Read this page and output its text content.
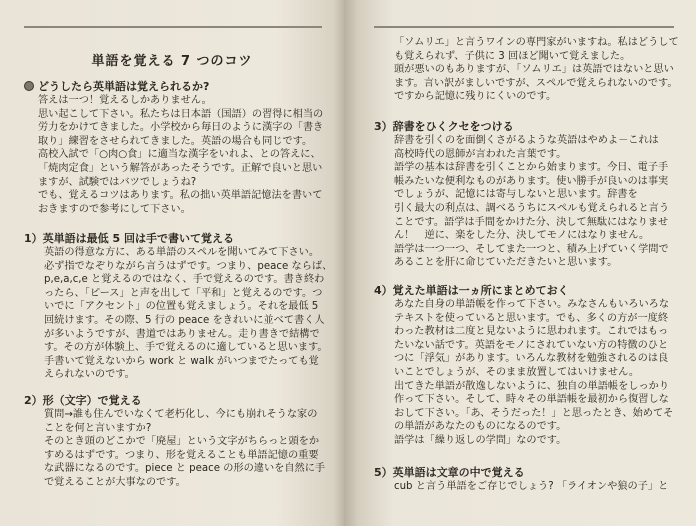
単語を覚える 7 つのコツ
どうしたら英単語は覚えられるか?

答えは一つ！覚えるしかありません。

思い起こして下さい。私たちは日本語（国語）の習得に相当の

労力をかけてきました。小学校から毎日のように漢字の「書き

取り」練習をさせられてきました。英語の場合も同じです。

高校入試で「○肉○食」に適当な漢字をいれよ、との答えに、

「焼肉定食」という解答があったそうです。正解で良いと思い

ますが、試験ではバツでしょうね?

でも、覚えるコツはあります。私の拙い英単語記憶法を書いて

おきますので参考にして下さい。

1）英単語は最低 5 回は手で書いて覚える

英語の得意な方に、ある単語のスペルを聞いてみて下さい。

必ず指でなぞりながら言うはずです。つまり、peace ならば、

p,e,a,c,e と覚えるのではなく、手で覚えるのです。書き終わ

ったら、「ピース」と声を出して「平和」と覚えるのです。つ

いでに「アクセント」の位置も覚えましょう。それを最低 5

回続けます。その際、5 行の peace をきれいに並べて書く人

が多いようですが、書道ではありません。走り書きで結構で

す。その方が体験上、手で覚えるのに適していると思います。

手書いて覚えないから work と walk がいつまでたっても覚

えられないのです。

2）形（文字）で覚える

質問→誰も住んでいなくて老朽化し、今にも崩れそうな家の

ことを何と言いますか?

そのとき頭のどこかで「廃屋」という文字がちらっと頭をか

すめるはずです。つまり、形を覚えることも単語記憶の重要

な武器になるのです。piece と peace の形の違いを自然に手

で覚えることが大事なのです。

「ソムリエ」と言うワインの専門家がいますね。私はどうして

も覚えられず、子供に 3 回ほど聞いて覚えました。

頭が悪いのもありますが、「ソムリエ」は英語ではないと思い

ます。言い訳がましいですが、スペルで覚えられないのです。

ですから記憶に残りにくいのです。

3）辞書をひくクセをつける

辞書を引くのを面倒くさがるような英語はやめよ－これは

高校時代の恩師が言われた言葉です。

語学の基本は辞書を引くことから始まります。今日、電子手

帳みたいな便利なものがあります。使い勝手が良いのは事実

でしょうが、記憶には寄与しないと思います。辞書を

引く最大の利点は、調べるうちにスペルも覚えられると言う

ことです。語学は手間をかけた分、決して無駄にはなりませ

ん！　逆に、楽をした分、決してモノにはなりません。

語学は一つ一つ、そしてまた一つと、積み上げていく学問で

あることを肝に命じていただきたいと思います。

4）覚えた単語は一ヵ所にまとめておく

あなた自身の単語帳を作って下さい。みなさんもいろいろな

テキストを使っていると思います。でも、多くの方が一度終

わった教材は二度と見ないように思われます。これではもっ

たいない話です。英語をモノにされていない方の特徴のひと

つに「浮気」があります。いろんな教材を勉強されるのは良

いことでしょうが、そのまま放置してはいけません。

出てきた単語が散逸しないように、独自の単語帳をしっかり

作って下さい。そして、時々その単語帳を最初から復習しな

おして下さい。「あ、そうだった！」と思ったとき、始めてそ

の単語があなたのものになるのです。

語学は「繰り返しの学問」なのです。

5）英単語は文章の中で覚える

cub と言う単語をご存じでしょう? 「ライオンや狼の子」と
